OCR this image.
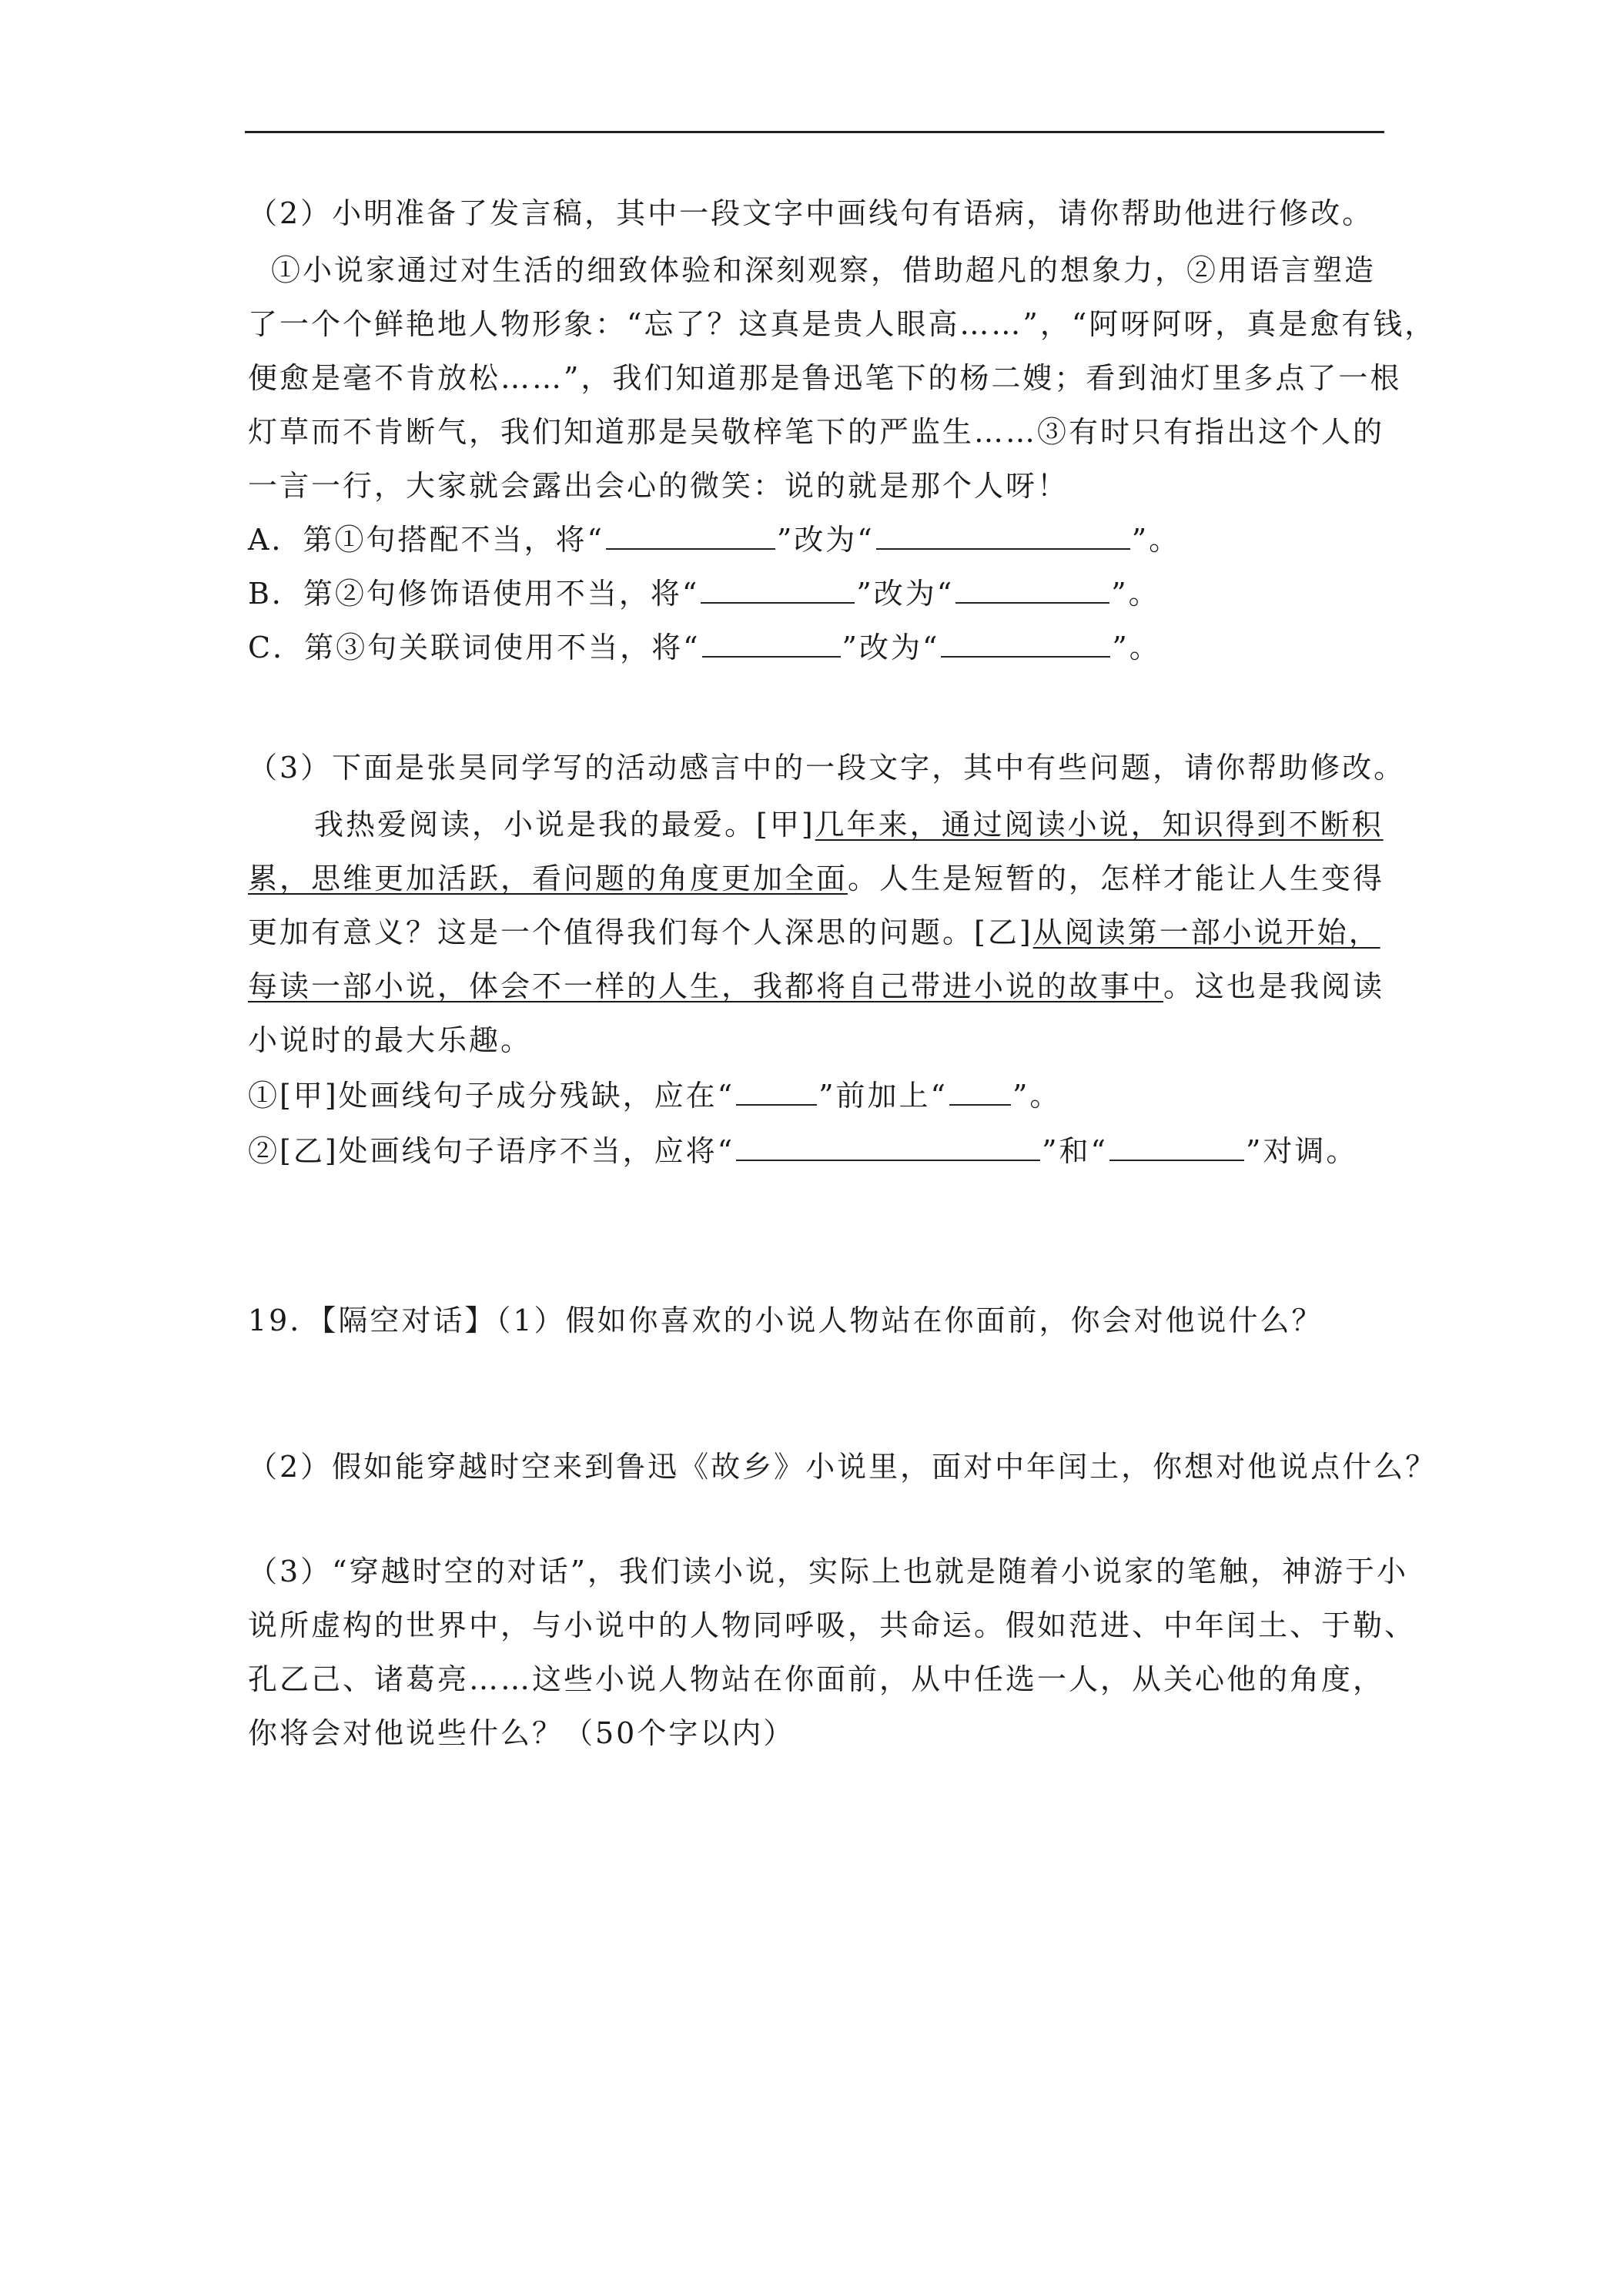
（2）小明准备了发言稿，其中一段文字中画线句有语病，请你帮助他进行修改。
①小说家通过对生活的细致体验和深刻观察，借助超凡的想象力，②用语言塑造
了一个个鲜艳地人物形象：“忘了？这真是贵人眼高……”，“阿呀阿呀，真是愈有钱，
便愈是毫不肯放松……”，我们知道那是鲁迅笔下的杨二嫂；看到油灯里多点了一根
灯草而不肯断气，我们知道那是吴敬梓笔下的严监生……③有时只有指出这个人的
一言一行，大家就会露出会心的微笑：说的就是那个人呀！
A．第①句搭配不当，将“	”改为“	”。
B．第②句修饰语使用不当，将“	”改为“	”。
C．第③句关联词使用不当，将“	”改为“	”。
（3）下面是张昊同学写的活动感言中的一段文字，其中有些问题，请你帮助修改。
我热爱阅读，小说是我的最爱。[甲]几年来，通过阅读小说，知识得到不断积
累，思维更加活跃，看问题的角度更加全面。人生是短暂的，怎样才能让人生变得
更加有意义？这是一个值得我们每个人深思的问题。[乙]从阅读第一部小说开始，
每读一部小说，体会不一样的人生，我都将自己带进小说的故事中。这也是我阅读
小说时的最大乐趣。
①[甲]处画线句子成分残缺，应在“	”前加上“ ”。
②[乙]处画线句子语序不当，应将“	”和“	”对调。
19．【隔空对话】（1）假如你喜欢的小说人物站在你面前，你会对他说什么？
（2）假如能穿越时空来到鲁迅《故乡》小说里，面对中年闰土，你想对他说点什么？
（3）“穿越时空的对话”，我们读小说，实际上也就是随着小说家的笔触，神游于小
说所虚构的世界中，与小说中的人物同呼吸，共命运。假如范进、中年闰土、于勒、
孔乙己、诸葛亮……这些小说人物站在你面前，从中任选一人，从关心他的角度，
你将会对他说些什么？（50个字以内）
